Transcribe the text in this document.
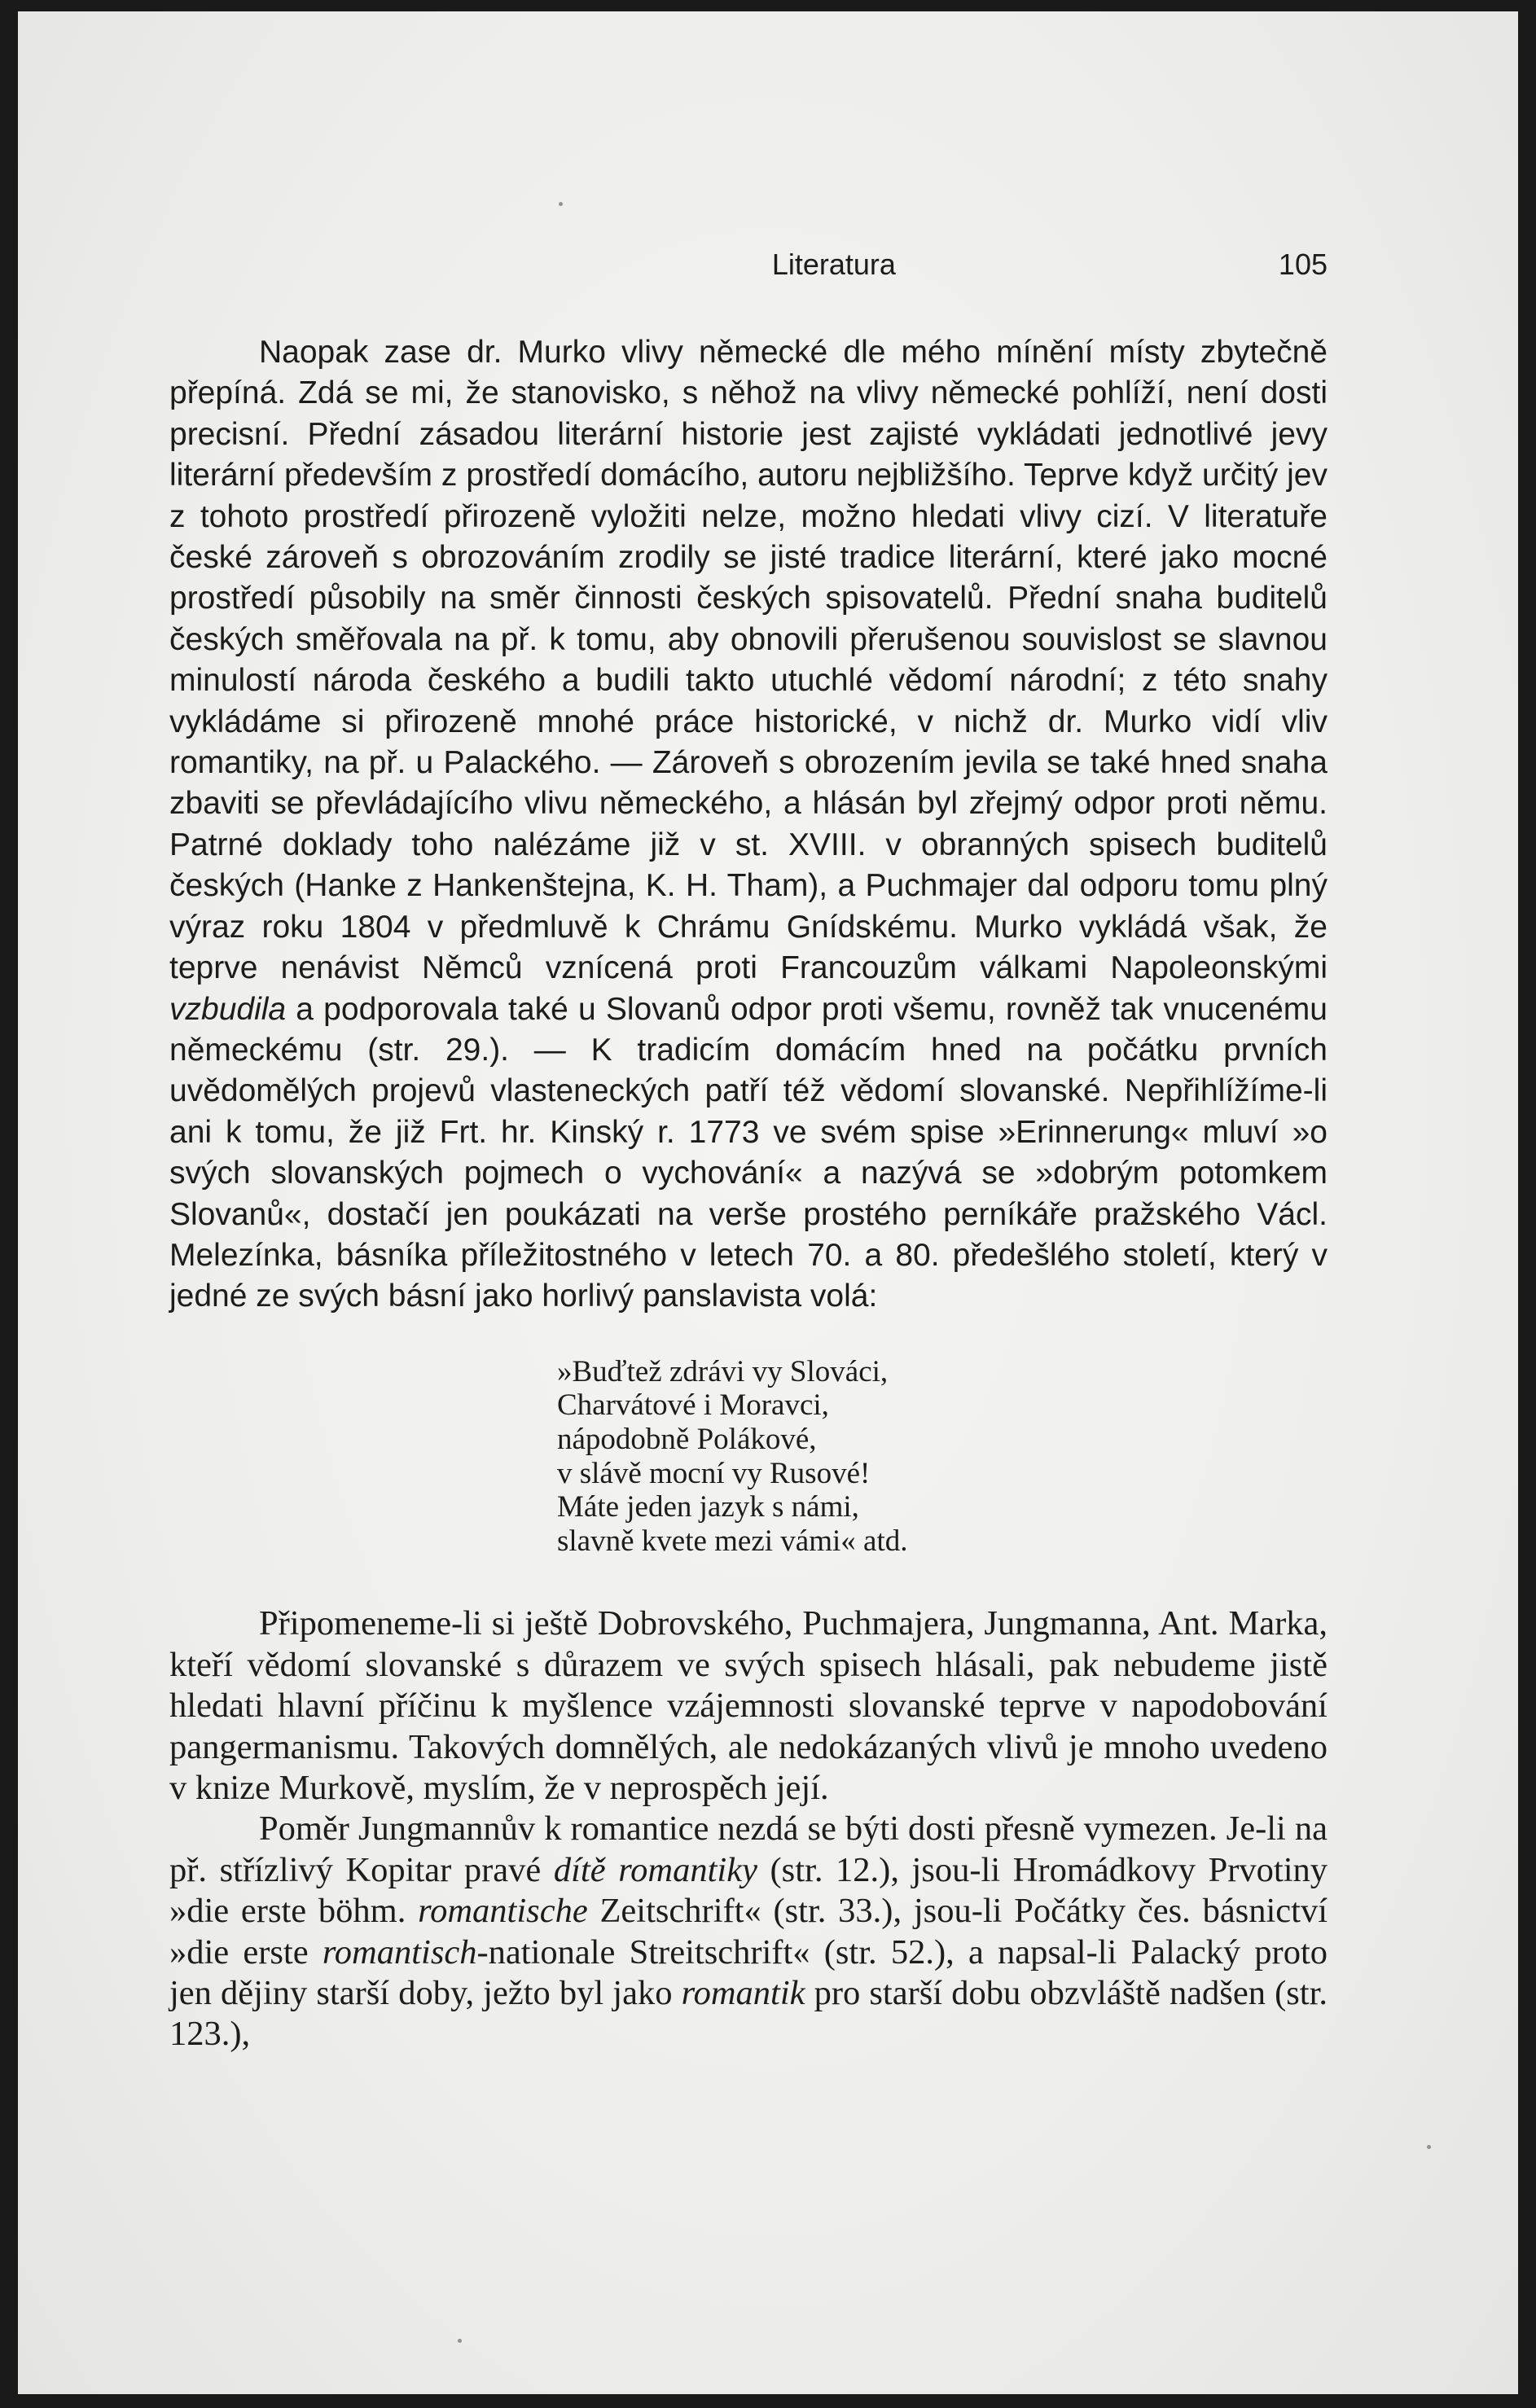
Literatura	105

Naopak zase dr. Murko vlivy německé dle mého mínění místy zbytečně přepíná. Zdá se mi, že stanovisko, s něhož na vlivy německé pohlíží, není dosti precisní. Přední zásadou literární historie jest zajisté vykládati jednotlivé jevy literární především z prostředí domácího, autoru nejbližšího. Teprve když určitý jev z tohoto prostředí přirozeně vyložiti nelze, možno hledati vlivy cizí. V literatuře české zároveň s obrozováním zrodily se jisté tradice literární, které jako mocné prostředí působily na směr činnosti českých spisovatelů. Přední snaha buditelů českých směřovala na př. k tomu, aby obnovili přerušenou souvislost se slavnou minulostí národa českého a budili takto utuchlé vědomí národní; z této snahy vykládáme si přirozeně mnohé práce historické, v nichž dr. Murko vidí vliv romantiky, na př. u Palackého. — Zároveň s obrozením jevila se také hned snaha zbaviti se převládajícího vlivu německého, a hlásán byl zřejmý odpor proti němu. Patrné doklady toho nalézáme již v st. XVIII. v obranných spisech buditelů českých (Hanke z Hankenštejna, K. H. Tham), a Puchmajer dal odporu tomu plný výraz roku 1804 v předmluvě k Chrámu Gnídskému. Murko vykládá však, že teprve nenávist Němců vznícená proti Francouzům válkami Napoleonskými vzbudila a podporovala také u Slovanů odpor proti všemu, rovněž tak vnucenému německému (str. 29.). — K tradicím domácím hned na počátku prvních uvědomělých projevů vlasteneckých patří též vědomí slovanské. Nepřihlížíme-li ani k tomu, že již Frt. hr. Kinský r. 1773 ve svém spise »Erinnerung« mluví »o svých slovanských pojmech o vychování« a nazývá se »dobrým potomkem Slovanů«, dostačí jen poukázati na verše prostého perníkáře pražského Václ. Melezínka, básníka příležitostného v letech 70. a 80. předešlého století, který v jedné ze svých básní jako horlivý panslavista volá:

»Buďtež zdrávi vy Slováci,
Charvátové i Moravci,
nápodobně Polákové,
v slávě mocní vy Rusové!
Máte jeden jazyk s námi,
slavně kvete mezi vámi« atd.

Připomeneme-li si ještě Dobrovského, Puchmajera, Jungmanna, Ant. Marka, kteří vědomí slovanské s důrazem ve svých spisech hlásali, pak nebudeme jistě hledati hlavní příčinu k myšlence vzájemnosti slovanské teprve v napodobování pangermanismu. Takových domnělých, ale nedokázaných vlivů je mnoho uvedeno v knize Murkově, myslím, že v neprospěch její.

Poměr Jungmannův k romantice nezdá se býti dosti přesně vymezen. Je-li na př. střízlivý Kopitar pravé dítě romantiky (str. 12.), jsou-li Hromádkovy Prvotiny »die erste böhm. romantische Zeitschrift« (str. 33.), jsou-li Počátky čes. básnictví »die erste romantisch-nationale Streitschrift« (str. 52.), a napsal-li Palacký proto jen dějiny starší doby, ježto byl jako romantik pro starší dobu obzvláště nadšen (str. 123.),
